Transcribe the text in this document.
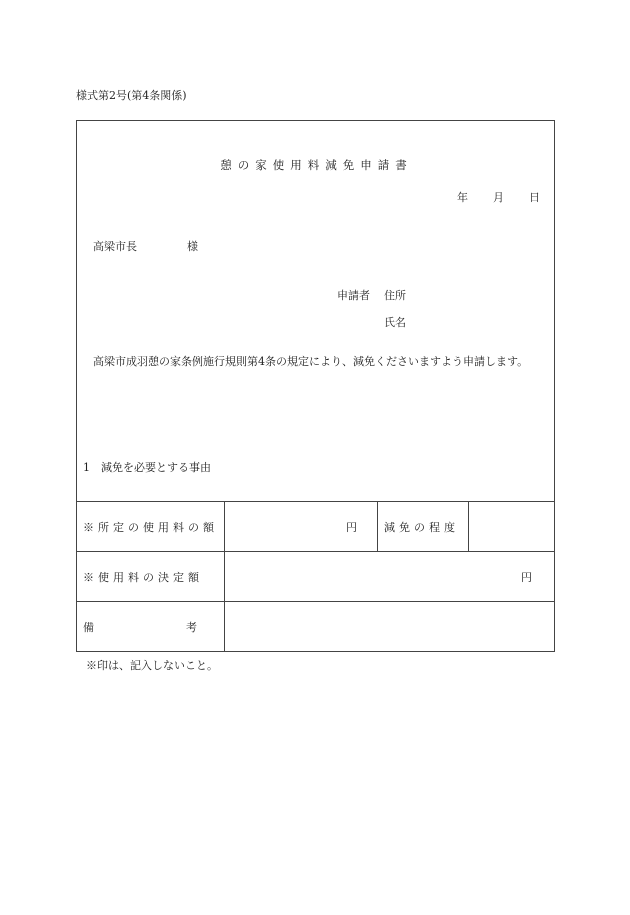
様式第2号(第4条関係)
憩の家使用料減免申請書
年 月 日
高梁市長	様
申請者 住所
氏名
高梁市成羽憩の家条例施行規則第4条の規定により、減免くださいますよう申請します。
1　減免を必要とする事由
※所定の使用料の額	円	減免の程度	
※使用料の決定額	円		
備 考			
※印は、記入しないこと。
